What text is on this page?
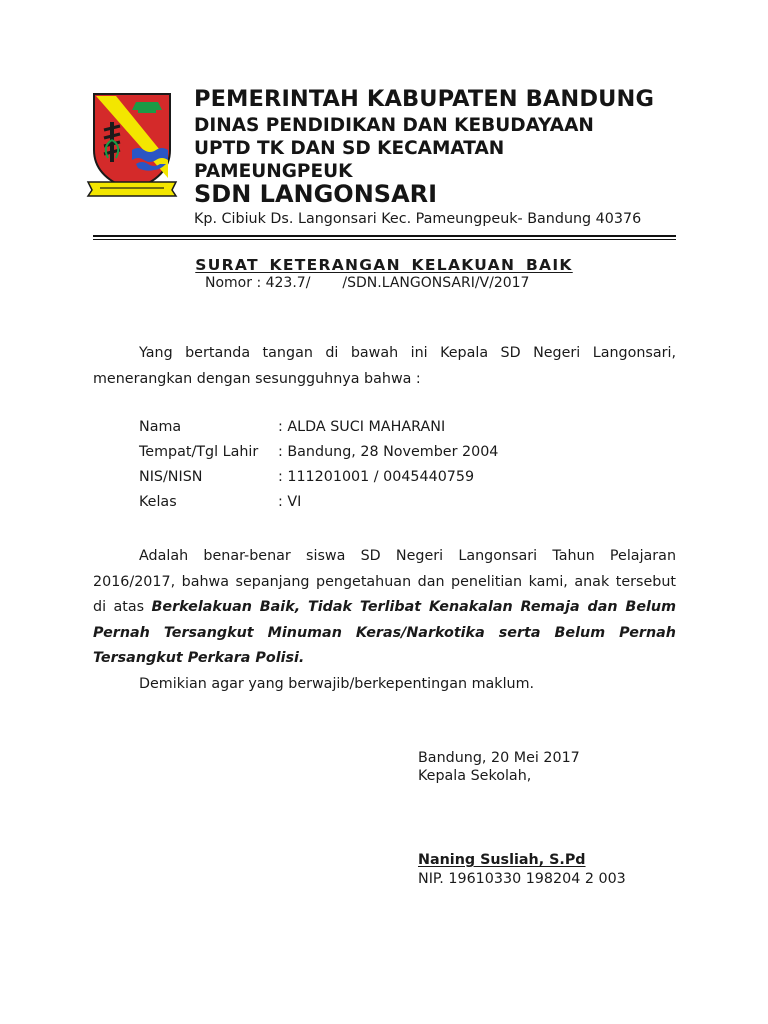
PEMERINTAH KABUPATEN BANDUNG
DINAS PENDIDIKAN DAN KEBUDAYAAN
UPTD TK DAN SD KECAMATAN
PAMEUNGPEUK
SDN LANGONSARI
Kp. Cibiuk Ds. Langonsari Kec. Pameungpeuk- Bandung 40376
SURAT KETERANGAN KELAKUAN BAIK
Nomor : 423.7/ /SDN.LANGONSARI/V/2017
Yang bertanda tangan di bawah ini Kepala SD Negeri Langonsari, menerangkan dengan sesungguhnya bahwa :
Nama	: ALDA SUCI MAHARANI
Tempat/Tgl Lahir : Bandung, 28 November 2004
NIS/NISN	: 111201001 / 0045440759
Kelas	: VI
Adalah benar-benar siswa SD Negeri Langonsari Tahun Pelajaran 2016/2017, bahwa sepanjang pengetahuan dan penelitian kami, anak tersebut di atas Berkelakuan Baik, Tidak Terlibat Kenakalan Remaja dan Belum Pernah Tersangkut Minuman Keras/Narkotika serta Belum Pernah Tersangkut Perkara Polisi.
Demikian agar yang berwajib/berkepentingan maklum.
Bandung, 20 Mei 2017
Kepala Sekolah,
Naning Susliah, S.Pd
NIP. 19610330 198204 2 003
